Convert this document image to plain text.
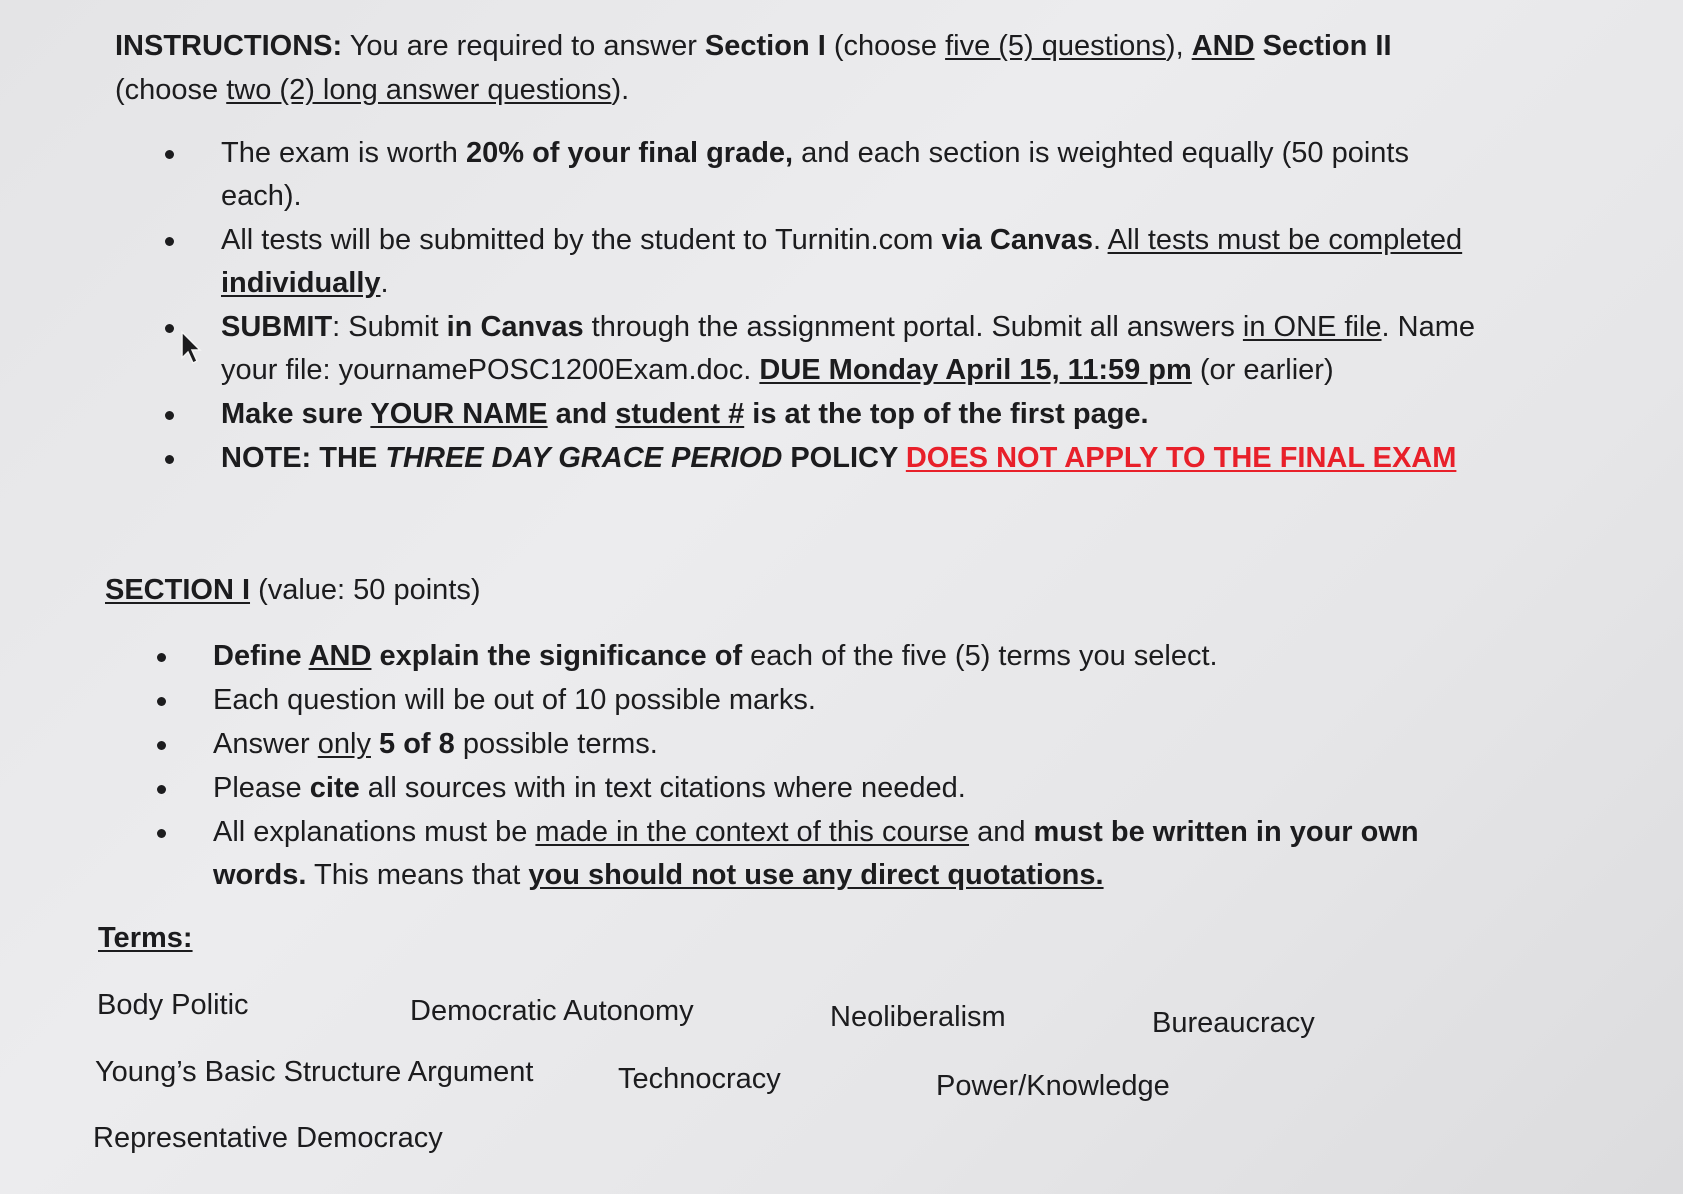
INSTRUCTIONS: You are required to answer Section I (choose five (5) questions), AND Section II (choose two (2) long answer questions).
The exam is worth 20% of your final grade, and each section is weighted equally (50 points each).
All tests will be submitted by the student to Turnitin.com via Canvas. All tests must be completed individually.
SUBMIT: Submit in Canvas through the assignment portal. Submit all answers in ONE file. Name your file: yournamePOSC1200Exam.doc. DUE Monday April 15, 11:59 pm (or earlier)
Make sure YOUR NAME and student # is at the top of the first page.
NOTE: THE THREE DAY GRACE PERIOD POLICY DOES NOT APPLY TO THE FINAL EXAM
SECTION I (value: 50 points)
Define AND explain the significance of each of the five (5) terms you select.
Each question will be out of 10 possible marks.
Answer only 5 of 8 possible terms.
Please cite all sources with in text citations where needed.
All explanations must be made in the context of this course and must be written in your own words. This means that you should not use any direct quotations.
Terms:
Body Politic	Democratic Autonomy	Neoliberalism	Bureaucracy
Young’s Basic Structure Argument	Technocracy	Power/Knowledge
Representative Democracy
